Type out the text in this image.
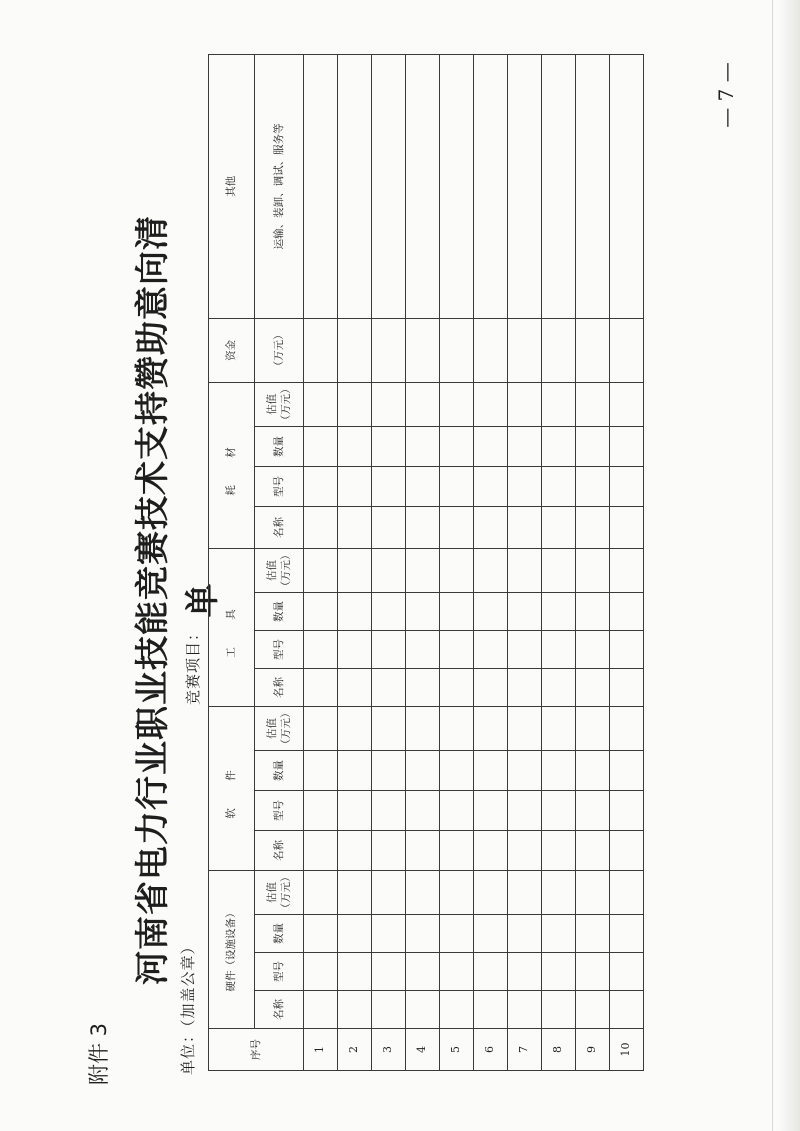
— 7 —
附件 3
河南省电力行业职业技能竞赛技术支持赞助意向清单
单位：（加盖公章）
竞赛项目：
序号	硬件（设施设备）				软 件				工 具				耗 材				资金	其他
	名称	型号	数量	估值 （万元）	名称	型号	数量	估值 （万元）	名称	型号	数量	估值 （万元）	名称	型号	数量	估值 （万元）	（万元）	运输、装卸、调试、服务等
1																		
2																		
3																		
4																		
5																		
6																		
7																		
8																		
9																		
10																		
